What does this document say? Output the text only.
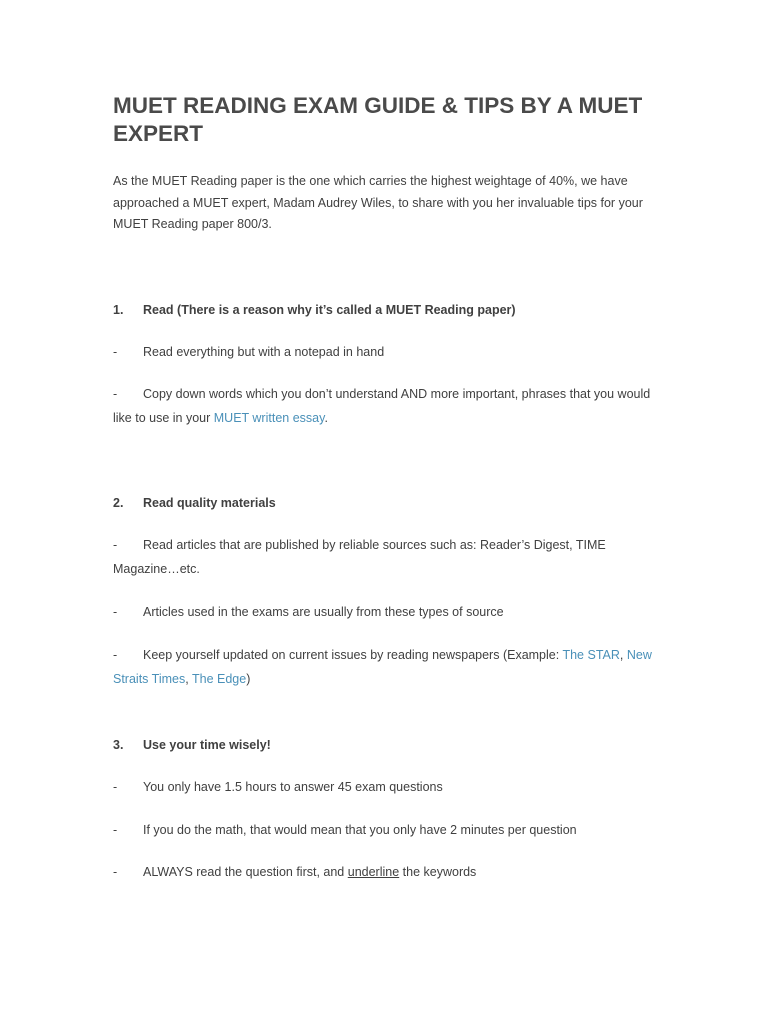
MUET READING EXAM GUIDE & TIPS BY A MUET EXPERT

As the MUET Reading paper is the one which carries the highest weightage of 40%, we have approached a MUET expert, Madam Audrey Wiles, to share with you her invaluable tips for your MUET Reading paper 800/3.

1. Read (There is a reason why it’s called a MUET Reading paper)
- Read everything but with a notepad in hand
- Copy down words which you don’t understand AND more important, phrases that you would like to use in your MUET written essay.
2. Read quality materials
- Read articles that are published by reliable sources such as: Reader’s Digest, TIME Magazine…etc.
- Articles used in the exams are usually from these types of source
- Keep yourself updated on current issues by reading newspapers (Example: The STAR, New Straits Times, The Edge)
3. Use your time wisely!
- You only have 1.5 hours to answer 45 exam questions
- If you do the math, that would mean that you only have 2 minutes per question
- ALWAYS read the question first, and underline the keywords
